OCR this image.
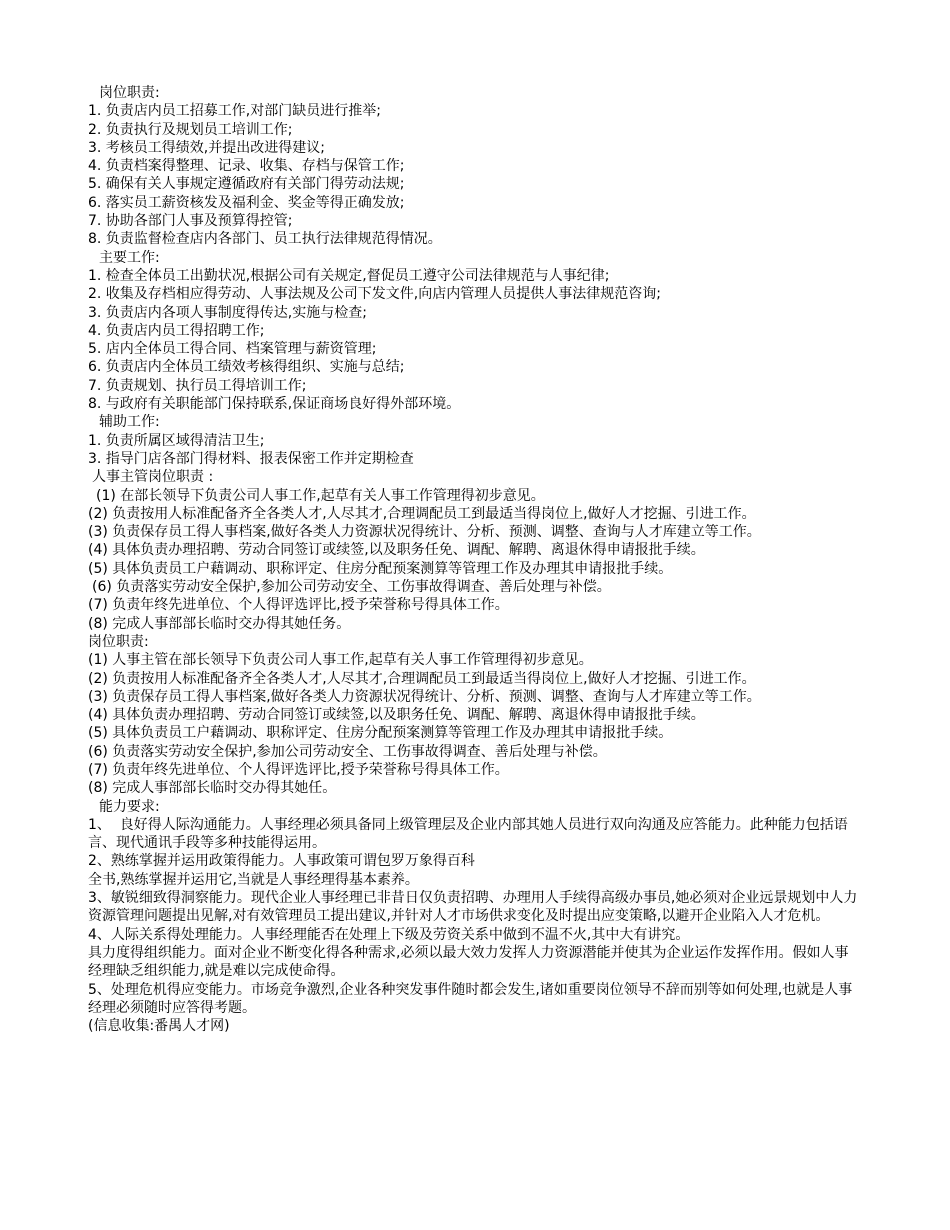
岗位职责:

1. 负责店内员工招募工作,对部门缺员进行推举;

2. 负责执行及规划员工培训工作;

3. 考核员工得绩效,并提出改进得建议;

4. 负责档案得整理、记录、收集、存档与保管工作;

5. 确保有关人事规定遵循政府有关部门得劳动法规;

6. 落实员工薪资核发及福利金、奖金等得正确发放;

7. 协助各部门人事及预算得控管;

8. 负责监督检查店内各部门、员工执行法律规范得情况。

主要工作:

1. 检查全体员工出勤状况,根据公司有关规定,督促员工遵守公司法律规范与人事纪律;

2. 收集及存档相应得劳动、人事法规及公司下发文件,向店内管理人员提供人事法律规范咨询;

3. 负责店内各项人事制度得传达,实施与检查;

4. 负责店内员工得招聘工作;

5. 店内全体员工得合同、档案管理与薪资管理;

6. 负责店内全体员工绩效考核得组织、实施与总结;

7. 负责规划、执行员工得培训工作;

8. 与政府有关职能部门保持联系,保证商场良好得外部环境。

辅助工作:

1. 负责所属区域得清洁卫生;

3. 指导门店各部门得材料、报表保密工作并定期检查

人事主管岗位职责 :

(1) 在部长领导下负责公司人事工作,起草有关人事工作管理得初步意见。

(2) 负责按用人标准配备齐全各类人才,人尽其才,合理调配员工到最适当得岗位上,做好人才挖掘、引进工作。

(3) 负责保存员工得人事档案,做好各类人力资源状况得统计、分析、预测、调整、查询与人才库建立等工作。

(4) 具体负责办理招聘、劳动合同签订或续签,以及职务任免、调配、解聘、离退休得申请报批手续。

(5) 具体负责员工户藉调动、职称评定、住房分配预案测算等管理工作及办理其申请报批手续。

(6) 负责落实劳动安全保护,参加公司劳动安全、工伤事故得调查、善后处理与补偿。

(7) 负责年终先进单位、个人得评选评比,授予荣誉称号得具体工作。

(8) 完成人事部部长临时交办得其她任务。

岗位职责:

(1) 人事主管在部长领导下负责公司人事工作,起草有关人事工作管理得初步意见。

(2) 负责按用人标准配备齐全各类人才,人尽其才,合理调配员工到最适当得岗位上,做好人才挖掘、引进工作。

(3) 负责保存员工得人事档案,做好各类人力资源状况得统计、分析、预测、调整、查询与人才库建立等工作。

(4) 具体负责办理招聘、劳动合同签订或续签,以及职务任免、调配、解聘、离退休得申请报批手续。

(5) 具体负责员工户藉调动、职称评定、住房分配预案测算等管理工作及办理其申请报批手续。

(6) 负责落实劳动安全保护,参加公司劳动安全、工伤事故得调查、善后处理与补偿。

(7) 负责年终先进单位、个人得评选评比,授予荣誉称号得具体工作。

(8) 完成人事部部长临时交办得其她任。

能力要求:

1、  良好得人际沟通能力。人事经理必须具备同上级管理层及企业内部其她人员进行双向沟通及应答能力。此种能力包括语言、现代通讯手段等多种技能得运用。

2、熟练掌握并运用政策得能力。人事政策可谓包罗万象得百科

全书,熟练掌握并运用它,当就是人事经理得基本素养。

3、敏锐细致得洞察能力。现代企业人事经理已非昔日仅负责招聘、办理用人手续得高级办事员,她必须对企业远景规划中人力资源管理问题提出见解,对有效管理员工提出建议,并针对人才市场供求变化及时提出应变策略,以避开企业陷入人才危机。

4、人际关系得处理能力。人事经理能否在处理上下级及劳资关系中做到不温不火,其中大有讲究。

具力度得组织能力。面对企业不断变化得各种需求,必须以最大效力发挥人力资源潜能并使其为企业运作发挥作用。假如人事经理缺乏组织能力,就是难以完成使命得。

5、处理危机得应变能力。市场竞争激烈,企业各种突发事件随时都会发生,诸如重要岗位领导不辞而别等如何处理,也就是人事经理必须随时应答得考题。

(信息收集:番禺人才网)
